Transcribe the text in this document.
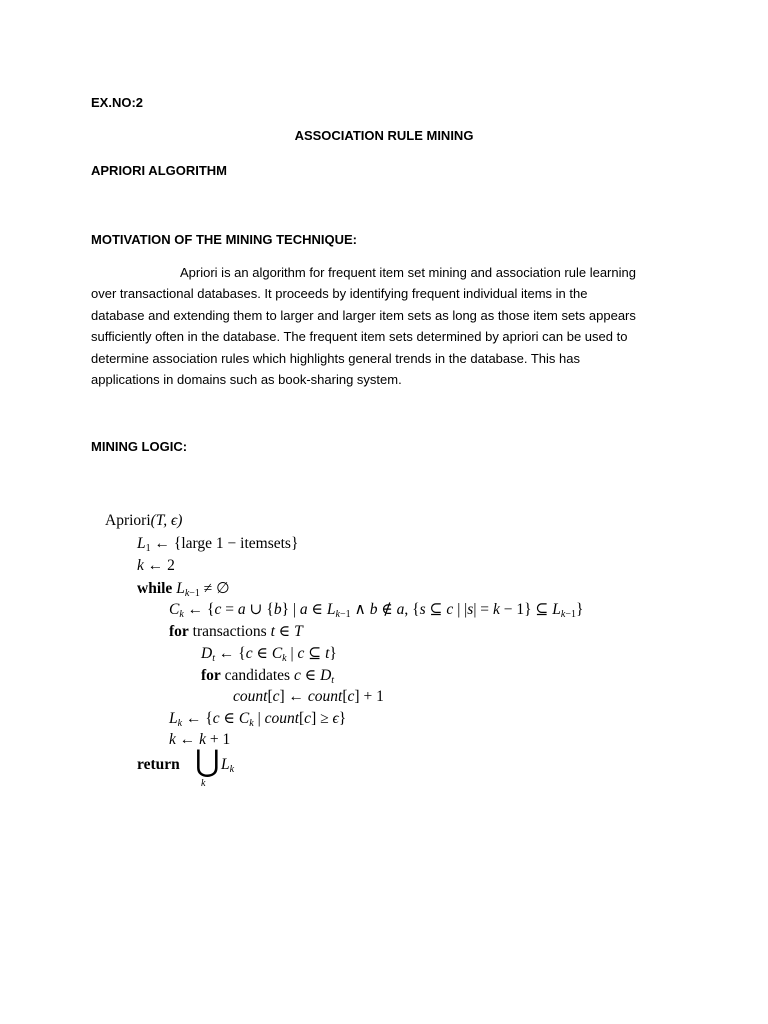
EX.NO:2

ASSOCIATION RULE MINING

APRIORI ALGORITHM

MOTIVATION OF THE MINING TECHNIQUE:

Apriori is an algorithm for frequent item set mining and association rule learning
over transactional databases. It proceeds by identifying frequent individual items in the
database and extending them to larger and larger item sets as long as those item sets appears
sufficiently often in the database. The frequent item sets determined by apriori can be used to
determine association rules which highlights general trends in the database. This has
applications in domains such as book-sharing system.

MINING LOGIC:

Apriori(T, ϵ)
$L_1$ ← {large 1 − itemsets}
k ← 2
while $L_{k-1}$ ≠ ∅
$C_k$ ← {c = a ∪ {b} | a ∈ $L_{k-1}$ ∧ b ∉ a, {s ⊆ c | |s| = k − 1} ⊆ $L_{k-1}$}
for transactions t ∈ T
$D_t$ ← {c ∈ $C_k$ | c ⊆ t}
for candidates c ∈ $D_t$
count[c] ← count[c] + 1
$L_k$ ← {c ∈ $C_k$ | count[c] ≥ ϵ}
k ← k + 1
return ⋃
k
$L_k$
